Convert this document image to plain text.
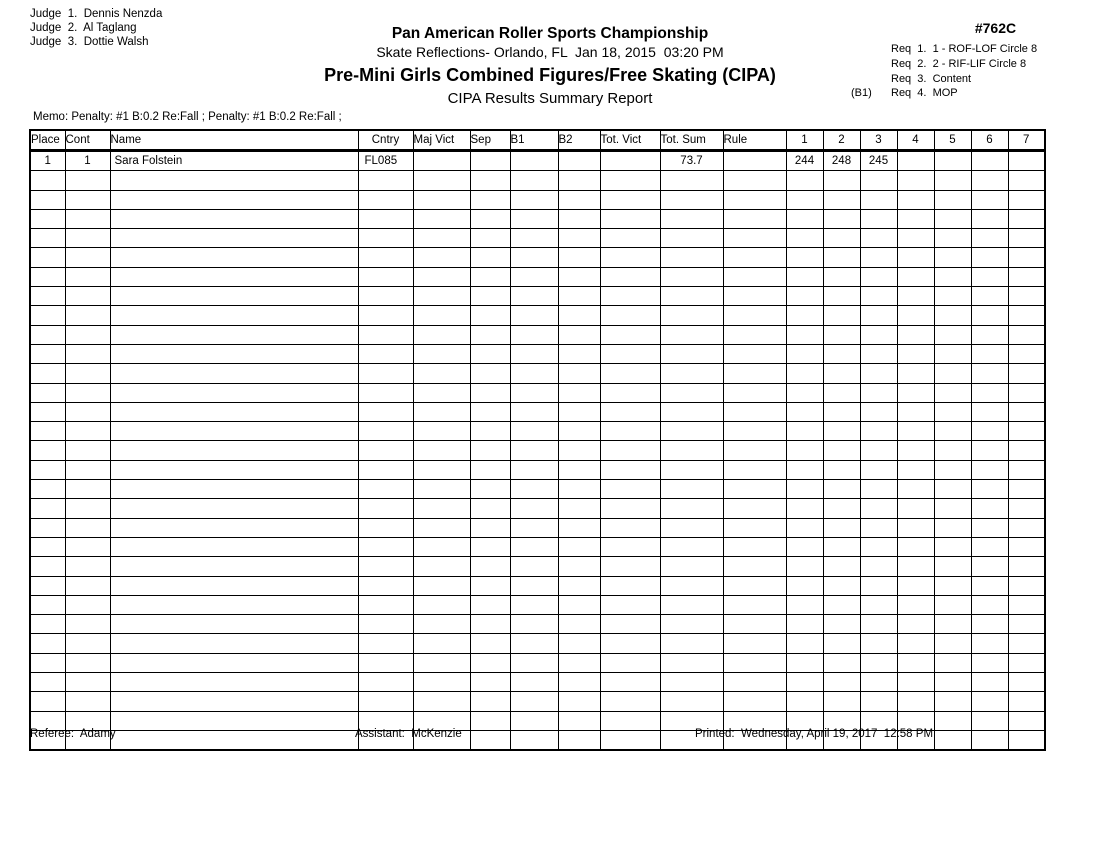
Judge  1.  Dennis Nenzda
Judge  2.  Al Taglang
Judge  3.  Dottie Walsh	Pan American Roller Sports Championship
Skate Reflections- Orlando, FL  Jan 18, 2015  03:20 PM
Pre-Mini Girls Combined Figures/Free Skating (CIPA)
CIPA Results Summary Report
#762C
Req  1.  1 - ROF-LOF Circle 8
Req  2.  2 - RIF-LIF Circle 8
Req  3.  Content
(B1)	Req  4.  MOP
Memo: Penalty: #1 B:0.2 Re:Fall ; Penalty: #1 B:0.2 Re:Fall ;
Place	Cont	Name	Cntry	Maj Vict	Sep	B1	B2	Tot. Vict	Tot. Sum	Rule	1	2	3	4	5	6	7
1	1	Sara Folstein	FL085						73.7		244	248	245				

Referee:  Adamy	Assistant:  McKenzie	Printed:  Wednesday, April 19, 2017  12:58 PM
